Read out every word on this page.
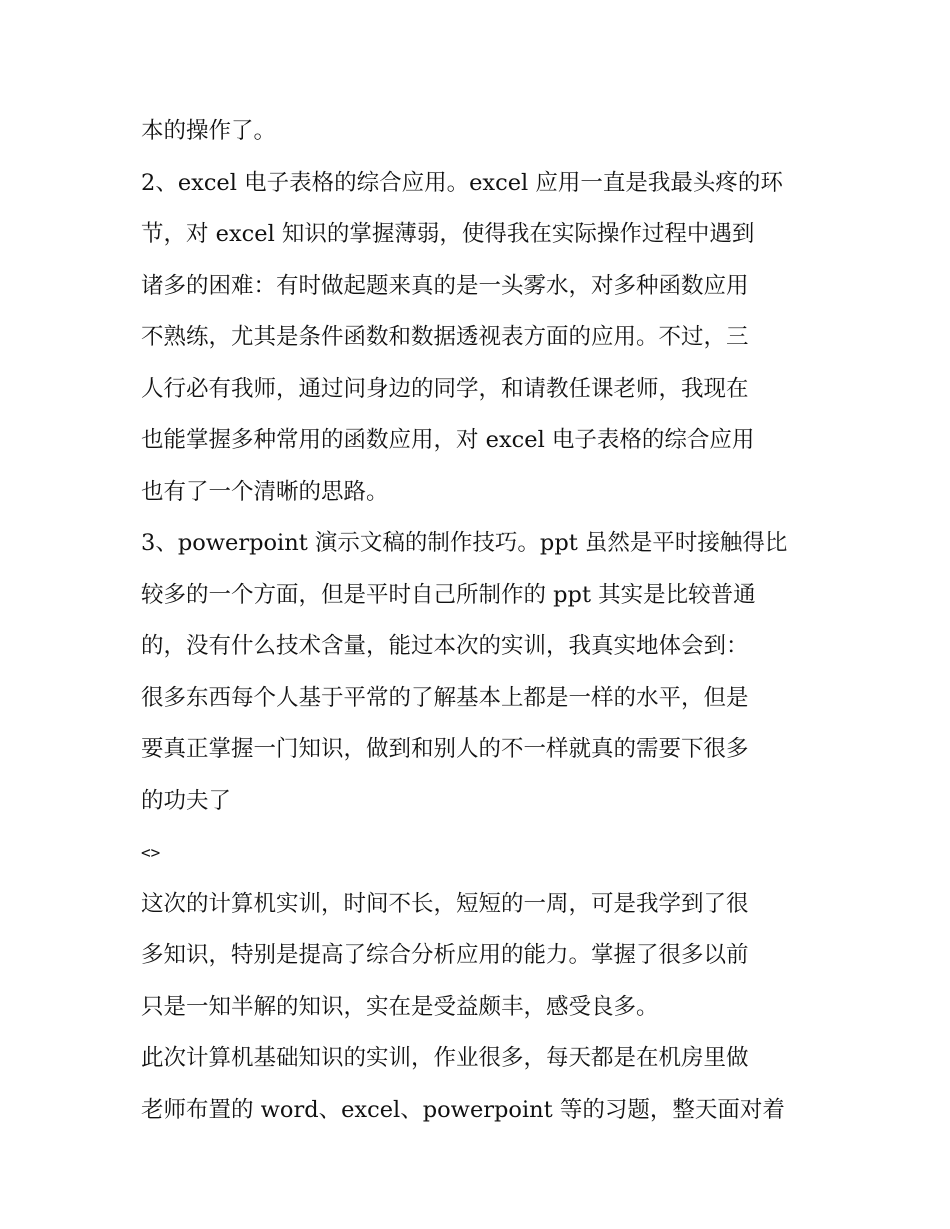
本的操作了。
2、excel 电子表格的综合应用。excel 应用一直是我最头疼的环
节，对 excel 知识的掌握薄弱，使得我在实际操作过程中遇到
诸多的困难：有时做起题来真的是一头雾水，对多种函数应用
不熟练，尤其是条件函数和数据透视表方面的应用。不过，三
人行必有我师，通过问身边的同学，和请教任课老师，我现在
也能掌握多种常用的函数应用，对 excel 电子表格的综合应用
也有了一个清晰的思路。
3、powerpoint 演示文稿的制作技巧。ppt 虽然是平时接触得比
较多的一个方面，但是平时自己所制作的 ppt 其实是比较普通
的，没有什么技术含量，能过本次的实训，我真实地体会到：
很多东西每个人基于平常的了解基本上都是一样的水平，但是
要真正掌握一门知识，做到和别人的不一样就真的需要下很多
的功夫了
<>
这次的计算机实训，时间不长，短短的一周，可是我学到了很
多知识，特别是提高了综合分析应用的能力。掌握了很多以前
只是一知半解的知识，实在是受益颇丰，感受良多。
此次计算机基础知识的实训，作业很多，每天都是在机房里做
老师布置的 word、excel、powerpoint 等的习题，整天面对着
